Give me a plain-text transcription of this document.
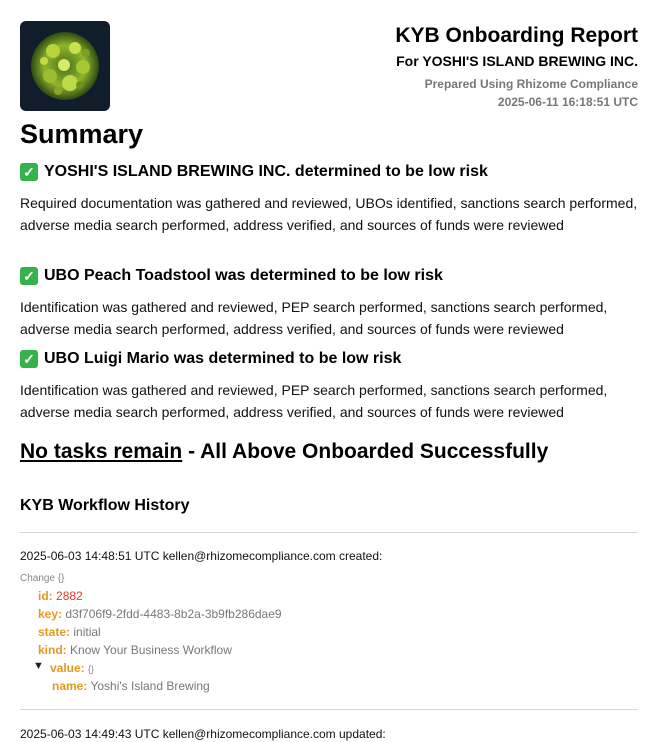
KYB Onboarding Report
For YOSHI'S ISLAND BREWING INC.
Prepared Using Rhizome Compliance
2025-06-11 16:18:51 UTC
Summary
✓ YOSHI'S ISLAND BREWING INC. determined to be low risk
Required documentation was gathered and reviewed, UBOs identified, sanctions search performed, adverse media search performed, address verified, and sources of funds were reviewed
✓ UBO Peach Toadstool was determined to be low risk
Identification was gathered and reviewed, PEP search performed, sanctions search performed, adverse media search performed, address verified, and sources of funds were reviewed
✓ UBO Luigi Mario was determined to be low risk
Identification was gathered and reviewed, PEP search performed, sanctions search performed, adverse media search performed, address verified, and sources of funds were reviewed
No tasks remain - All Above Onboarded Successfully
KYB Workflow History
2025-06-03 14:48:51 UTC kellen@rhizomecompliance.com created:
Change {}
id: 2882
key: d3f706f9-2fdd-4483-8b2a-3b9fb286dae9
state: initial
kind: Know Your Business Workflow
▼ value: {}
name: Yoshi's Island Brewing
2025-06-03 14:49:43 UTC kellen@rhizomecompliance.com updated:
